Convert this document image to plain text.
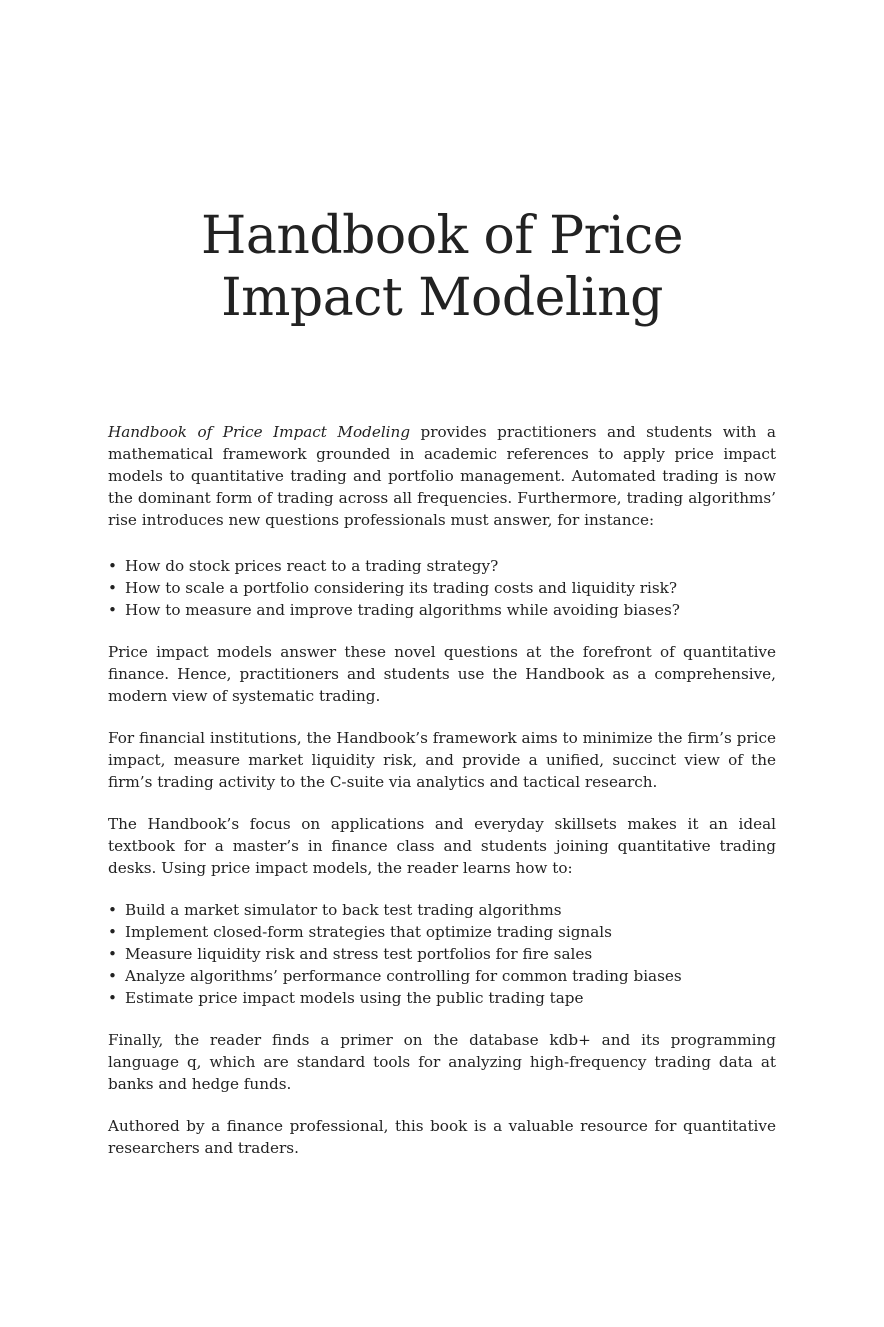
Handbook of Price
Impact Modeling

Handbook of Price Impact Modeling provides practitioners and students with a mathematical framework grounded in academic references to apply price impact models to quantitative trading and portfolio management. Automated trading is now the dominant form of trading across all frequencies. Furthermore, trading algorithms’ rise introduces new questions professionals must answer, for instance:

• How do stock prices react to a trading strategy?
• How to scale a portfolio considering its trading costs and liquidity risk?
• How to measure and improve trading algorithms while avoiding biases?

Price impact models answer these novel questions at the forefront of quantitative finance. Hence, practitioners and students use the Handbook as a comprehensive, modern view of systematic trading.

For financial institutions, the Handbook’s framework aims to minimize the firm’s price impact, measure market liquidity risk, and provide a unified, succinct view of the firm’s trading activity to the C-suite via analytics and tactical research.

The Handbook’s focus on applications and everyday skillsets makes it an ideal textbook for a master’s in finance class and students joining quantitative trading desks. Using price impact models, the reader learns how to:

• Build a market simulator to back test trading algorithms
• Implement closed-form strategies that optimize trading signals
• Measure liquidity risk and stress test portfolios for fire sales
• Analyze algorithms’ performance controlling for common trading biases
• Estimate price impact models using the public trading tape

Finally, the reader finds a primer on the database kdb+ and its programming language q, which are standard tools for analyzing high-frequency trading data at banks and hedge funds.

Authored by a finance professional, this book is a valuable resource for quantitative researchers and traders.
